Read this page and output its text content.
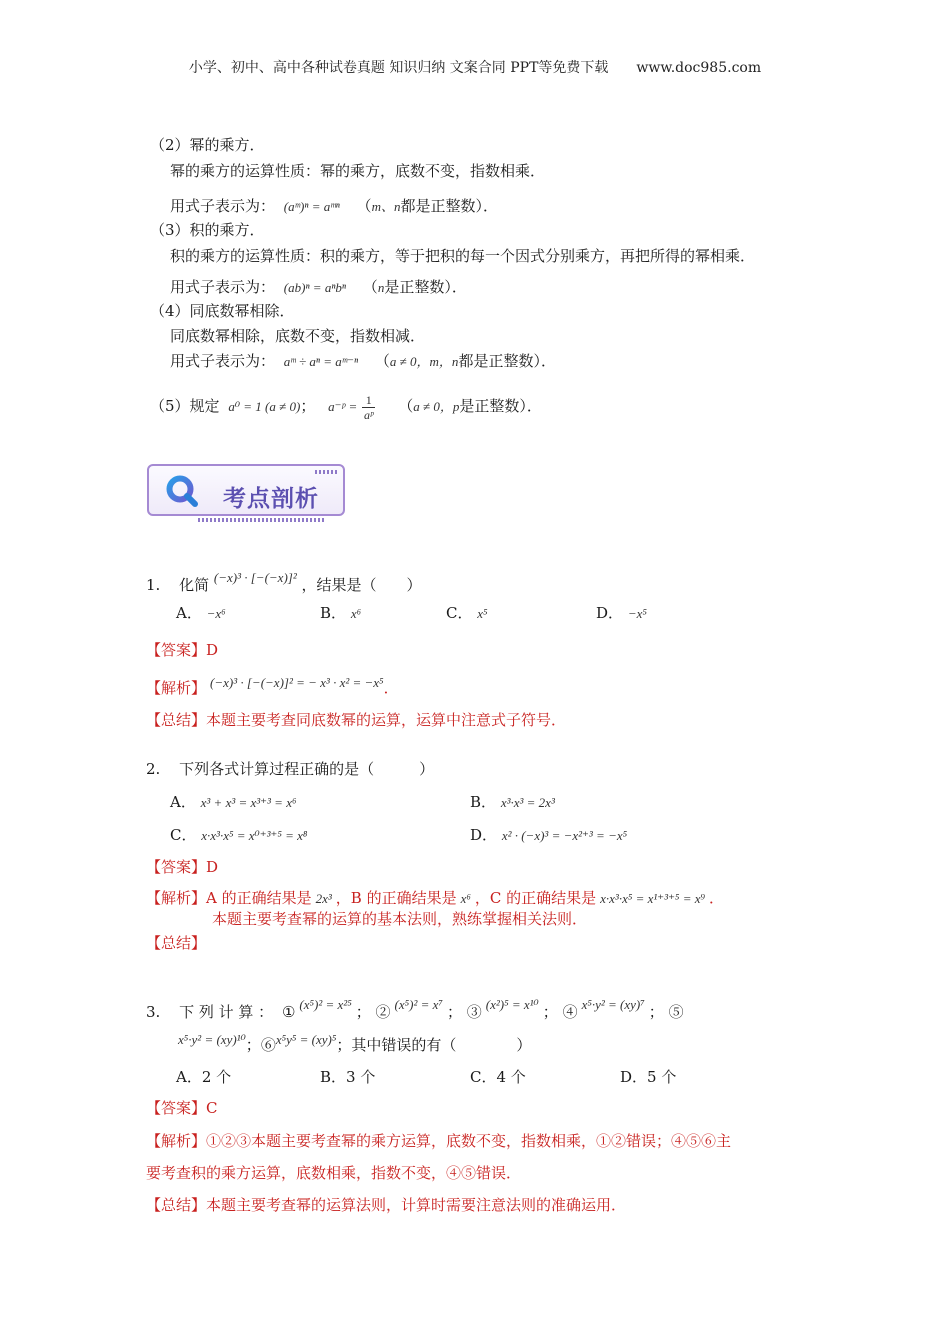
小学、初中、高中各种试卷真题 知识归纳 文案合同 PPT等免费下载 www.doc985.com
（2）幂的乘方．
幂的乘方的运算性质：幂的乘方，底数不变，指数相乘．
用式子表示为： (aᵐ)ⁿ = aᵐⁿ （m、n都是正整数）．
（3）积的乘方．
积的乘方的运算性质：积的乘方，等于把积的每一个因式分别乘方，再把所得的幂相乘．
用式子表示为： (ab)ⁿ = aⁿbⁿ （n是正整数）．
（4）同底数幂相除．
同底数幂相除，底数不变，指数相减．
用式子表示为： aᵐ ÷ aⁿ = aᵐ⁻ⁿ （a ≠ 0，m，n都是正整数）．
（5）规定 a⁰ = 1 (a ≠ 0)； a⁻ᵖ = $\frac{1}{\text{aᵖ}} (a \ne 0$，p是正整数）．
考点剖析
1. 化简 (−x)³ · [−(−x)]² ，结果是（　　）
A． −x⁶	B． x⁶	C． x⁵	D． −x⁵
【答案】D
【解析】 (−x)³ · [−(−x)]² = − x³ · x² = −x⁵．
【总结】本题主要考查同底数幂的运算，运算中注意式子符号．
2. 下列各式计算过程正确的是（　　　）
A． x³ + x³ = x³⁺³ = x⁶	B． x³·x³ = 2x³
C． x·x³·x⁵ = x⁰⁺³⁺⁵ = x⁸	D． x² · (−x)³ = −x²⁺³ = −x⁵
【答案】D
【解析】A 的正确结果是 2x³ ，B 的正确结果是 x⁶ ，C 的正确结果是 x·x³·x⁵ = x¹⁺³⁺⁵ = x⁹ ．
本题主要考查幂的运算的基本法则，熟练掌握相关法则．
【总结】
3. 下 列 计 算 ： ① (x⁵)² = x²⁵ ； ② (x⁵)² = x⁷ ； ③ (x²)⁵ = x¹⁰ ； ④ x⁵·y² = (xy)⁷ ； ⑤
x⁵·y² = (xy)¹⁰；⑥x⁵y⁵ = (xy)⁵；其中错误的有（　　　　）
A．2 个	B．3 个	C．4 个	D．5 个
【答案】C
【解析】①②③本题主要考查幂的乘方运算，底数不变，指数相乘，①②错误；④⑤⑥主
要考查积的乘方运算，底数相乘，指数不变，④⑤错误．
【总结】本题主要考查幂的运算法则，计算时需要注意法则的准确运用．
